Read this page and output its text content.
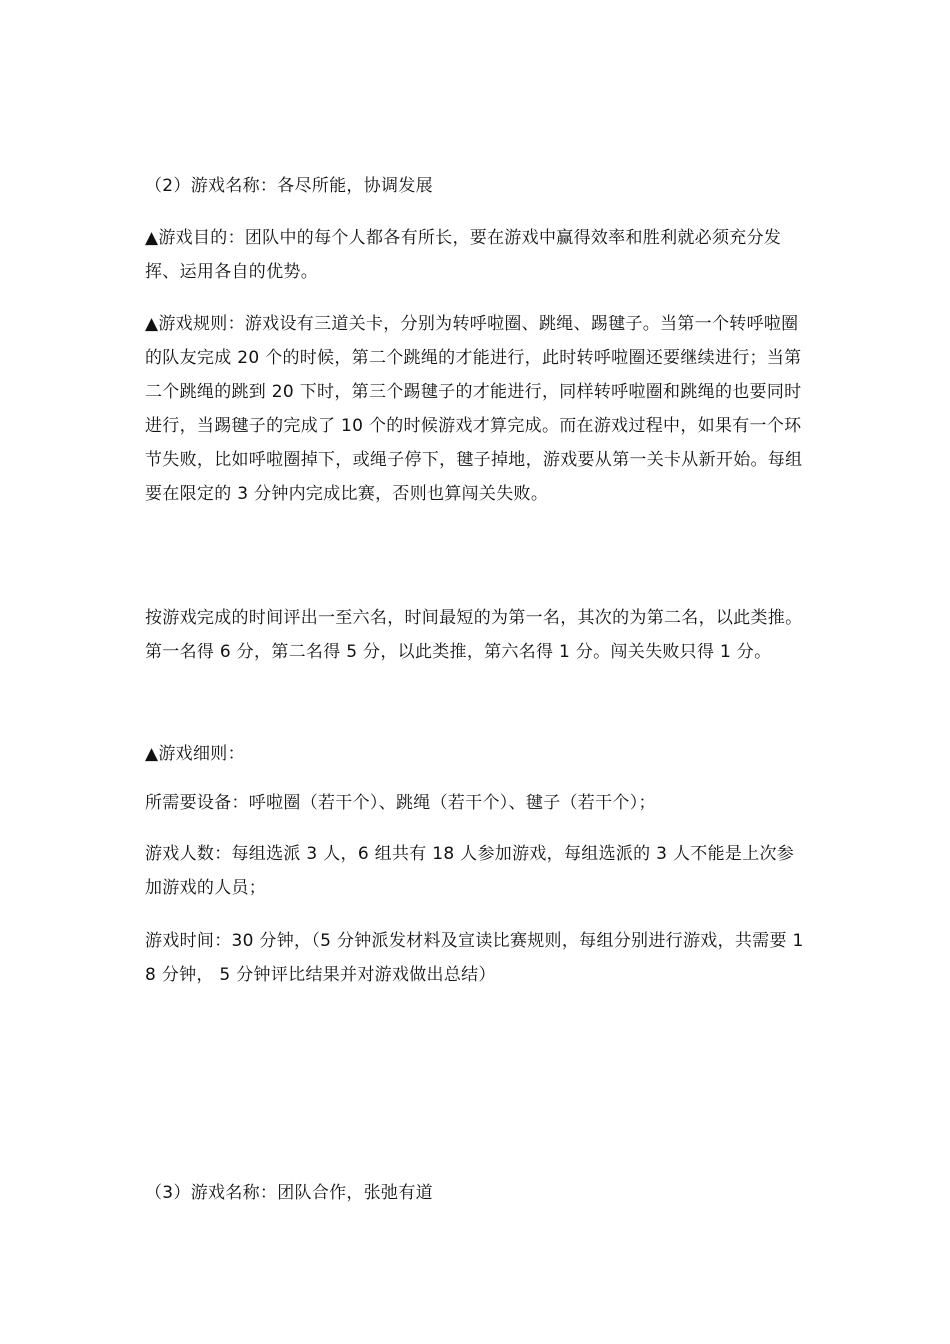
（2）游戏名称：各尽所能，协调发展

▲游戏目的：团队中的每个人都各有所长，要在游戏中赢得效率和胜利就必须充分发挥、运用各自的优势。

▲游戏规则：游戏设有三道关卡，分别为转呼啦圈、跳绳、踢毽子。当第一个转呼啦圈的队友完成 20 个的时候，第二个跳绳的才能进行，此时转呼啦圈还要继续进行；当第二个跳绳的跳到 20 下时，第三个踢毽子的才能进行，同样转呼啦圈和跳绳的也要同时进行，当踢毽子的完成了 10 个的时候游戏才算完成。而在游戏过程中，如果有一个环节失败，比如呼啦圈掉下，或绳子停下，毽子掉地，游戏要从第一关卡从新开始。每组要在限定的 3 分钟内完成比赛，否则也算闯关失败。

按游戏完成的时间评出一至六名，时间最短的为第一名，其次的为第二名，以此类推。第一名得 6 分，第二名得 5 分，以此类推，第六名得 1 分。闯关失败只得 1 分。

▲游戏细则：

所需要设备：呼啦圈（若干个）、跳绳（若干个）、毽子（若干个）；

游戏人数：每组选派 3 人，6 组共有 18 人参加游戏，每组选派的 3 人不能是上次参加游戏的人员；

游戏时间：30 分钟，（5 分钟派发材料及宣读比赛规则，每组分别进行游戏，共需要 18 分钟， 5 分钟评比结果并对游戏做出总结）

（3）游戏名称：团队合作，张弛有道
